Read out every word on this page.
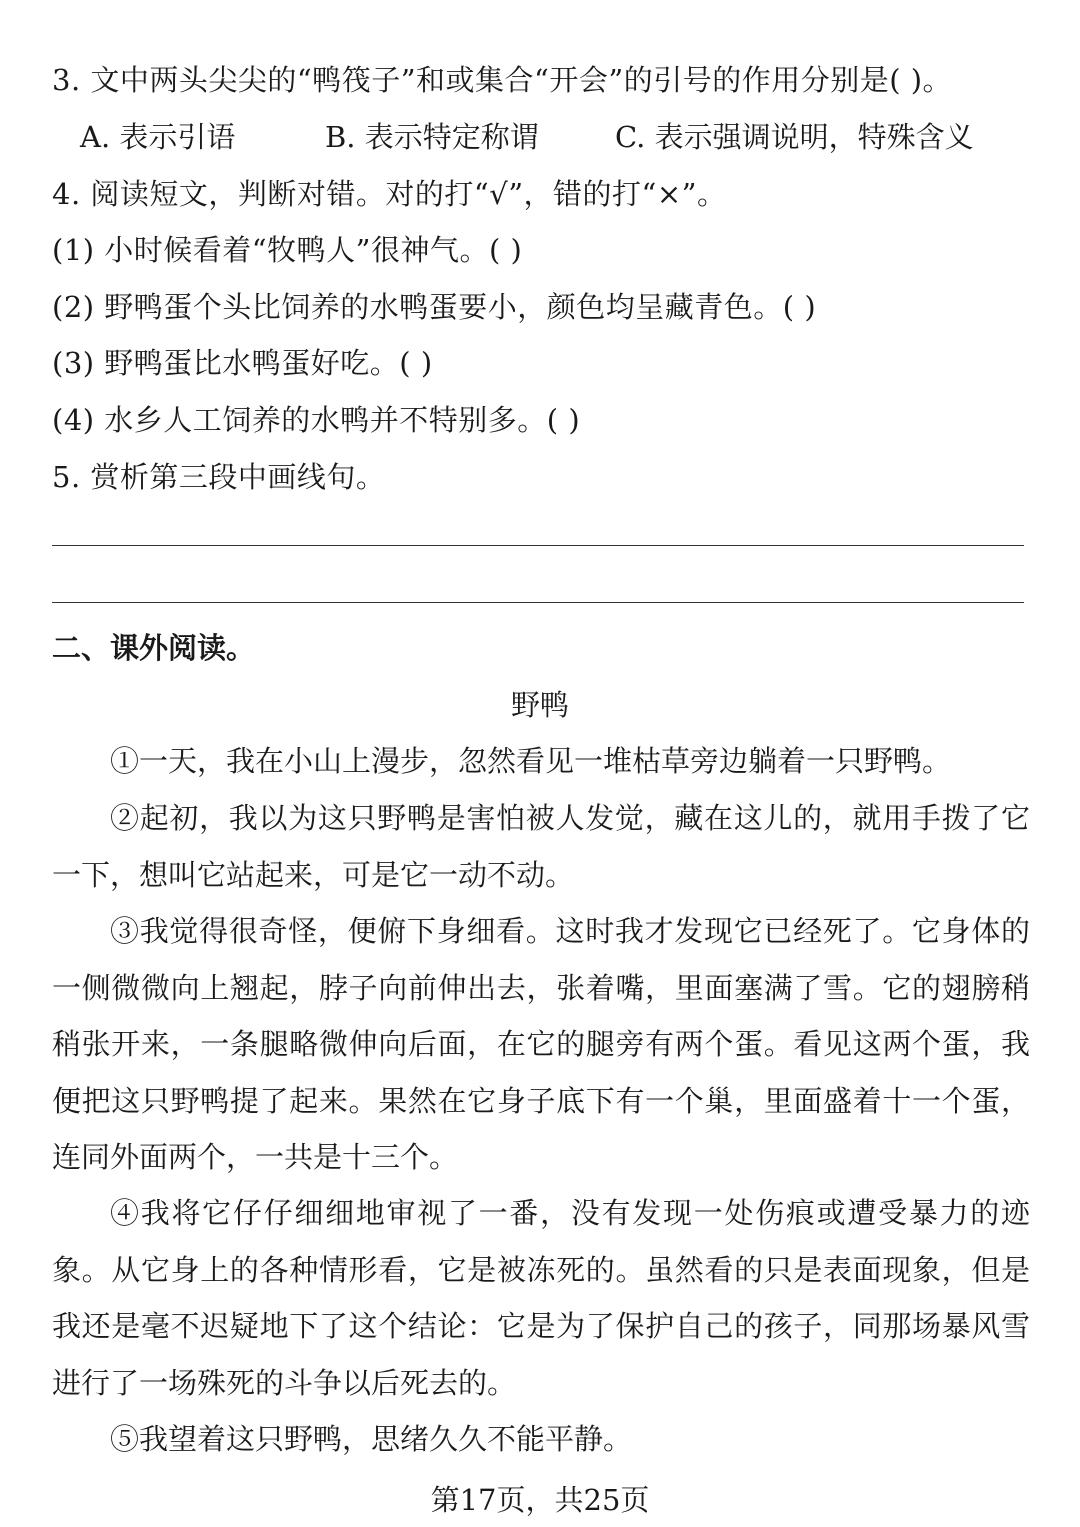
3. 文中两头尖尖的“鸭筏子”和或集合“开会”的引号的作用分别是( )。
A. 表示引语	B. 表示特定称谓	C. 表示强调说明，特殊含义
4. 阅读短文，判断对错。对的打“√”，错的打“×”。
(1) 小时候看着“牧鸭人”很神气。( )
(2) 野鸭蛋个头比饲养的水鸭蛋要小，颜色均呈藏青色。( )
(3) 野鸭蛋比水鸭蛋好吃。( )
(4) 水乡人工饲养的水鸭并不特别多。( )
5. 赏析第三段中画线句。
二、课外阅读。
野鸭
①一天，我在小山上漫步，忽然看见一堆枯草旁边躺着一只野鸭。
②起初，我以为这只野鸭是害怕被人发觉，藏在这儿的，就用手拨了它一下，想叫它站起来，可是它一动不动。
③我觉得很奇怪，便俯下身细看。这时我才发现它已经死了。它身体的一侧微微向上翘起，脖子向前伸出去，张着嘴，里面塞满了雪。它的翅膀稍稍张开来，一条腿略微伸向后面，在它的腿旁有两个蛋。看见这两个蛋，我便把这只野鸭提了起来。果然在它身子底下有一个巢，里面盛着十一个蛋，连同外面两个，一共是十三个。
④我将它仔仔细细地审视了一番，没有发现一处伤痕或遭受暴力的迹象。从它身上的各种情形看，它是被冻死的。虽然看的只是表面现象，但是我还是毫不迟疑地下了这个结论：它是为了保护自己的孩子，同那场暴风雪进行了一场殊死的斗争以后死去的。
⑤我望着这只野鸭，思绪久久不能平静。
第17页，共25页
